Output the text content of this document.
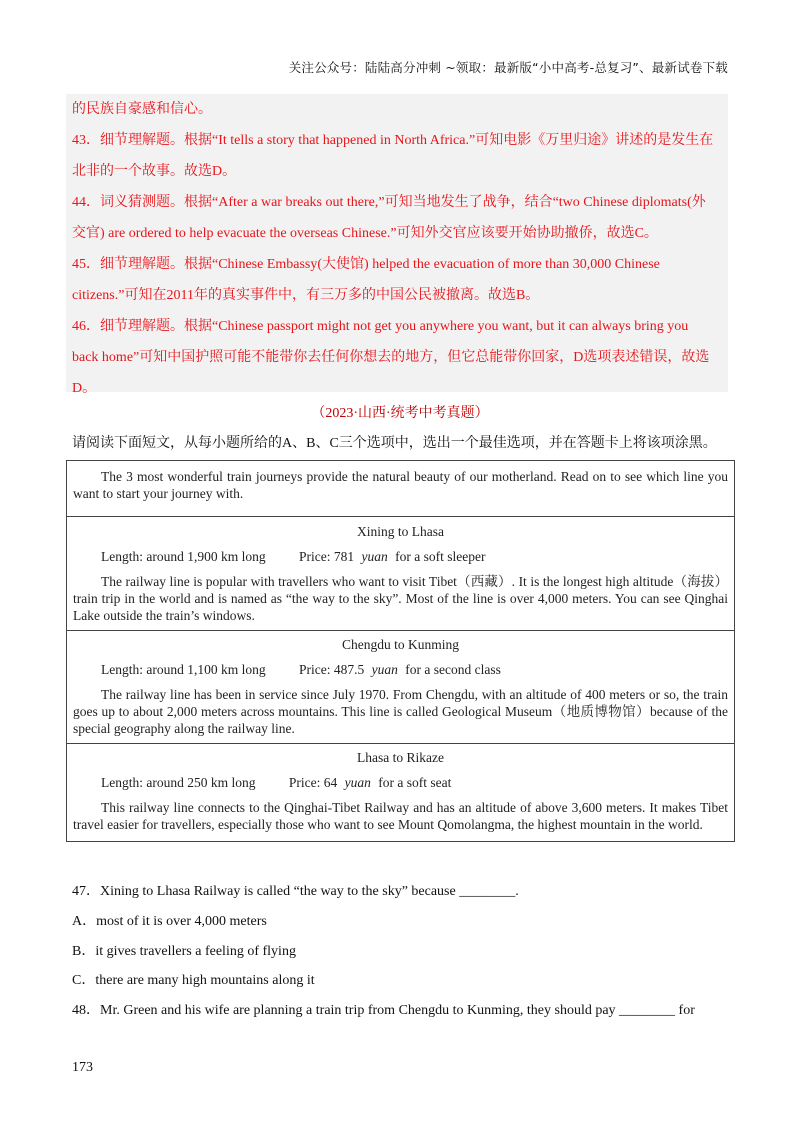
关注公众号：陆陆高分冲刺 ~领取：最新版“小中高考-总复习”、最新试卷下载

的民族自豪感和信心。

43．细节理解题。根据“It tells a story that happened in North Africa.”可知电影《万里归途》讲述的是发生在

北非的一个故事。故选D。

44．词义猜测题。根据“After a war breaks out there,”可知当地发生了战争，结合“two Chinese diplomats(外

交官) are ordered to help evacuate the overseas Chinese.”可知外交官应该要开始协助撤侨，故选C。

45．细节理解题。根据“Chinese Embassy(大使馆) helped the evacuation of more than 30,000 Chinese

citizens.”可知在2011年的真实事件中，有三万多的中国公民被撤离。故选B。

46．细节理解题。根据“Chinese passport might not get you anywhere you want, but it can always bring you

back home”可知中国护照可能不能带你去任何你想去的地方，但它总能带你回家，D选项表述错误，故选

D。

（2023·山西·统考中考真题）
请阅读下面短文，从每小题所给的A、B、C三个选项中，选出一个最佳选项，并在答题卡上将该项涂黑。

The 3 most wonderful train journeys provide the natural beauty of our motherland. Read on to see which line you want to start your journey with.

Xining to Lhasa

Length: around 1,900 km long Price: 781 yuan for a soft sleeper

The railway line is popular with travellers who want to visit Tibet（西藏）. It is the longest high altitude（海拔）train trip in the world and is named as “the way to the sky”. Most of the line is over 4,000 meters. You can see Qinghai Lake outside the train’s windows.

Chengdu to Kunming

Length: around 1,100 km long Price: 487.5 yuan for a second class

The railway line has been in service since July 1970. From Chengdu, with an altitude of 400 meters or so, the train goes up to about 2,000 meters across mountains. This line is called Geological Museum（地质博物馆）because of the special geography along the railway line.

Lhasa to Rikaze

Length: around 250 km long Price: 64 yuan for a soft seat

This railway line connects to the Qinghai-Tibet Railway and has an altitude of above 3,600 meters. It makes Tibet travel easier for travellers, especially those who want to see Mount Qomolangma, the highest mountain in the world.

47．Xining to Lhasa Railway is called “the way to the sky” because ________.
A．most of it is over 4,000 meters
B．it gives travellers a feeling of flying
C．there are many high mountains along it
48．Mr. Green and his wife are planning a train trip from Chengdu to Kunming, they should pay ________ for
173
